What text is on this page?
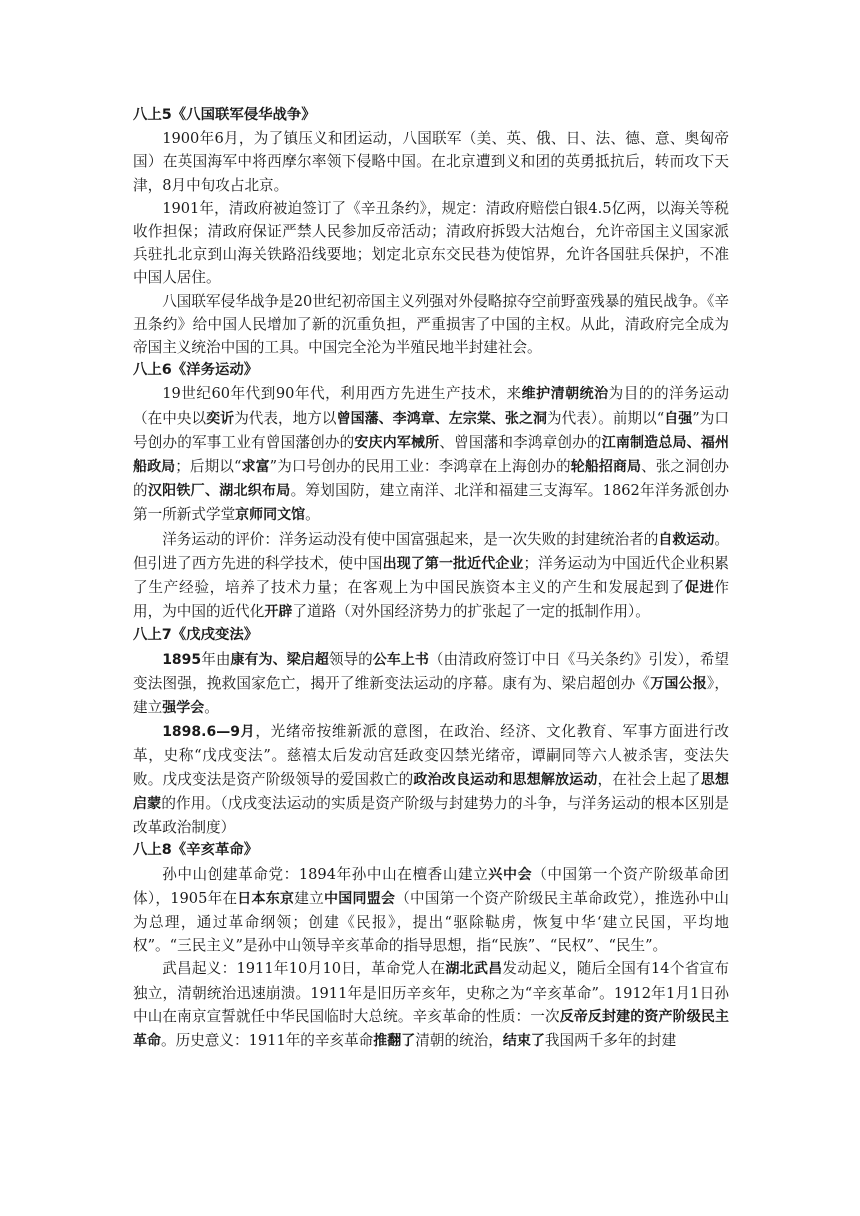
八上5《八国联军侵华战争》

1900年6月，为了镇压义和团运动，八国联军（美、英、俄、日、法、德、意、奥匈帝国）在英国海军中将西摩尔率领下侵略中国。在北京遭到义和团的英勇抵抗后，转而攻下天津，8月中旬攻占北京。

1901年，清政府被迫签订了《辛丑条约》，规定：清政府赔偿白银4.5亿两，以海关等税收作担保；清政府保证严禁人民参加反帝活动；清政府拆毁大沽炮台，允许帝国主义国家派兵驻扎北京到山海关铁路沿线要地；划定北京东交民巷为使馆界，允许各国驻兵保护，不准中国人居住。

八国联军侵华战争是20世纪初帝国主义列强对外侵略掠夺空前野蛮残暴的殖民战争。《辛丑条约》给中国人民增加了新的沉重负担，严重损害了中国的主权。从此，清政府完全成为帝国主义统治中国的工具。中国完全沦为半殖民地半封建社会。

八上6《洋务运动》

19世纪60年代到90年代，利用西方先进生产技术，来维护清朝统治为目的的洋务运动（在中央以奕䜣为代表，地方以曾国藩、李鸿章、左宗棠、张之洞为代表）。前期以“自强”为口号创办的军事工业有曾国藩创办的安庆内军械所、曾国藩和李鸿章创办的江南制造总局、福州船政局；后期以“求富”为口号创办的民用工业：李鸿章在上海创办的轮船招商局、张之洞创办的汉阳铁厂、湖北织布局。筹划国防，建立南洋、北洋和福建三支海军。1862年洋务派创办第一所新式学堂京师同文馆。

洋务运动的评价：洋务运动没有使中国富强起来，是一次失败的封建统治者的自救运动。但引进了西方先进的科学技术，使中国出现了第一批近代企业；洋务运动为中国近代企业积累了生产经验，培养了技术力量；在客观上为中国民族资本主义的产生和发展起到了促进作用，为中国的近代化开辟了道路（对外国经济势力的扩张起了一定的抵制作用）。

八上7《戊戌变法》

1895年由康有为、梁启超领导的公车上书（由清政府签订中日《马关条约》引发），希望变法图强，挽救国家危亡，揭开了维新变法运动的序幕。康有为、梁启超创办《万国公报》，建立强学会。

1898.6—9月，光绪帝按维新派的意图，在政治、经济、文化教育、军事方面进行改革，史称“戊戌变法”。慈禧太后发动宫廷政变囚禁光绪帝，谭嗣同等六人被杀害，变法失败。戊戌变法是资产阶级领导的爱国救亡的政治改良运动和思想解放运动，在社会上起了思想启蒙的作用。（戊戌变法运动的实质是资产阶级与封建势力的斗争，与洋务运动的根本区别是改革政治制度）

八上8《辛亥革命》

孙中山创建革命党：1894年孙中山在檀香山建立兴中会（中国第一个资产阶级革命团体），1905年在日本东京建立中国同盟会（中国第一个资产阶级民主革命政党），推选孙中山为总理，通过革命纲领；创建《民报》，提出“驱除鞑虏，恢复中华‘建立民国，平均地权”。“三民主义”是孙中山领导辛亥革命的指导思想，指“民族”、“民权”、“民生”。

武昌起义：1911年10月10日，革命党人在湖北武昌发动起义，随后全国有14个省宣布独立，清朝统治迅速崩溃。1911年是旧历辛亥年，史称之为“辛亥革命”。1912年1月1日孙中山在南京宣誓就任中华民国临时大总统。辛亥革命的性质：一次反帝反封建的资产阶级民主革命。历史意义：1911年的辛亥革命推翻了清朝的统治，结束了我国两千多年的封建
